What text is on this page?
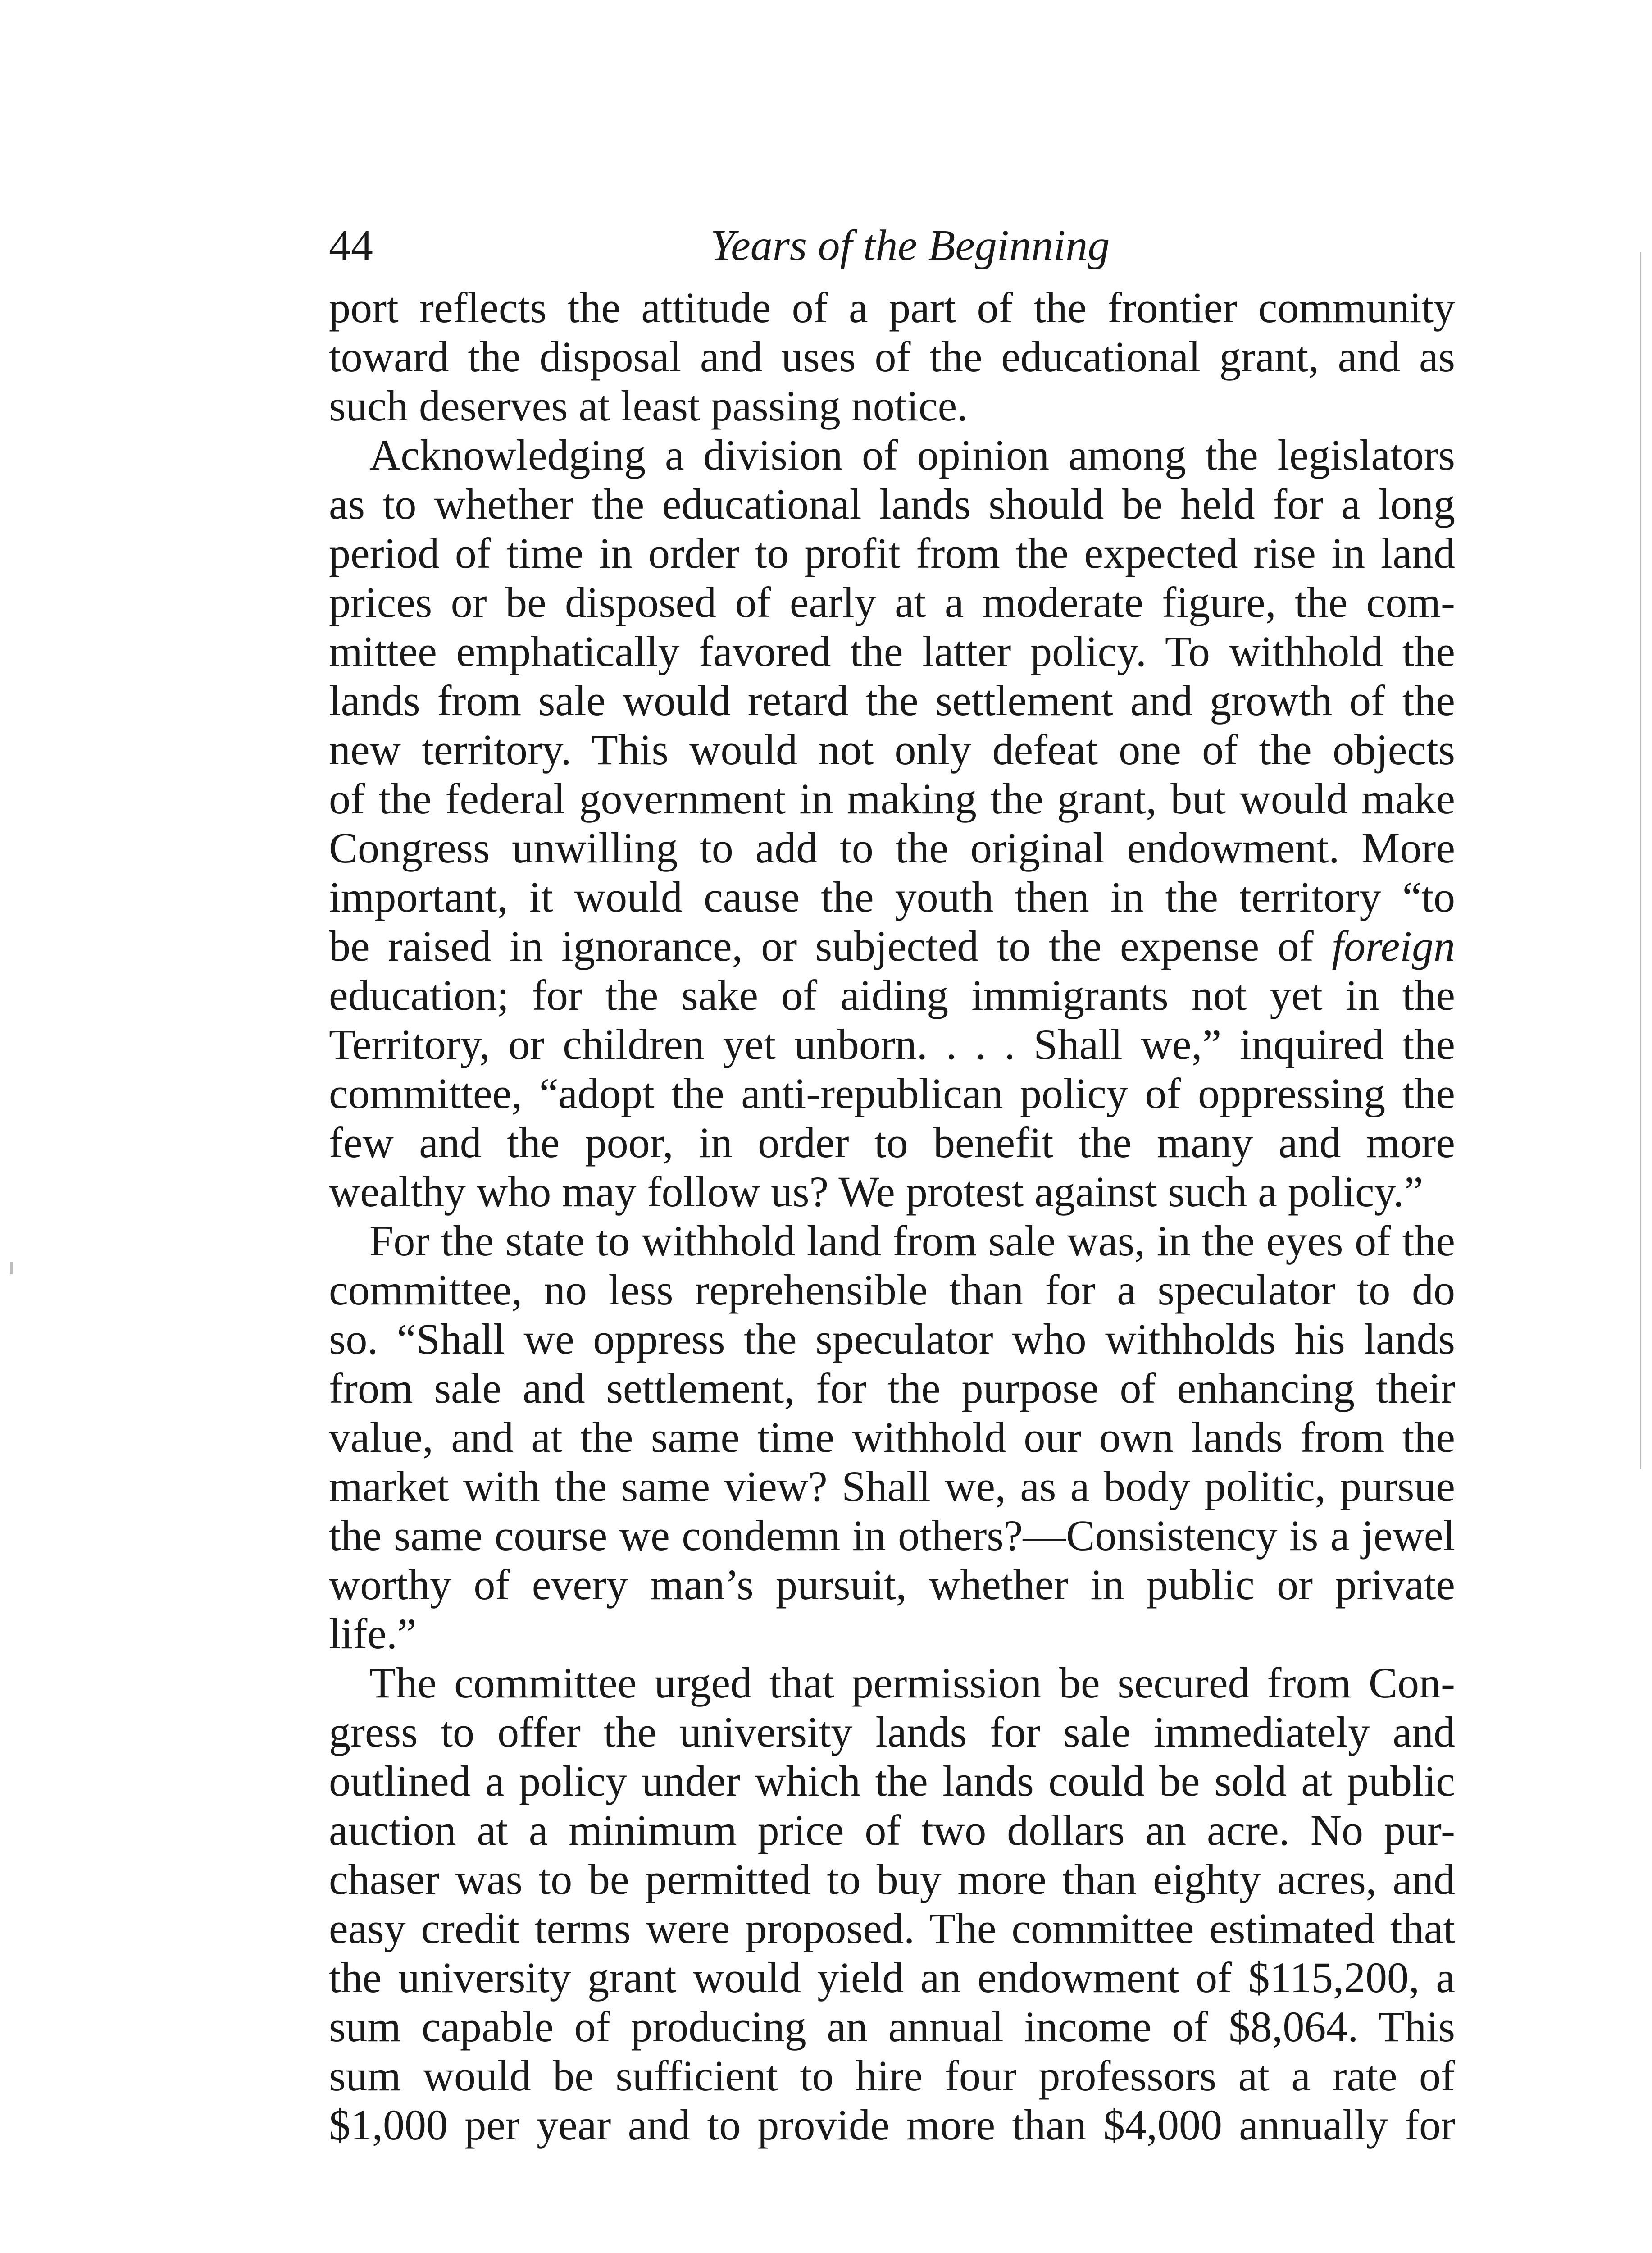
44	Years of the Beginning

port reflects the attitude of a part of the frontier community
toward the disposal and uses of the educational grant, and as
such deserves at least passing notice.

Acknowledging a division of opinion among the legislators
as to whether the educational lands should be held for a long
period of time in order to profit from the expected rise in land
prices or be disposed of early at a moderate figure, the com-
mittee emphatically favored the latter policy. To withhold the
lands from sale would retard the settlement and growth of the
new territory. This would not only defeat one of the objects
of the federal government in making the grant, but would make
Congress unwilling to add to the original endowment. More
important, it would cause the youth then in the territory “to
be raised in ignorance, or subjected to the expense of foreign
education; for the sake of aiding immigrants not yet in the
Territory, or children yet unborn. . . . Shall we,” inquired the
committee, “adopt the anti-republican policy of oppressing the
few and the poor, in order to benefit the many and more
wealthy who may follow us? We protest against such a policy.”

For the state to withhold land from sale was, in the eyes of the
committee, no less reprehensible than for a speculator to do
so. “Shall we oppress the speculator who withholds his lands
from sale and settlement, for the purpose of enhancing their
value, and at the same time withhold our own lands from the
market with the same view? Shall we, as a body politic, pursue
the same course we condemn in others?—Consistency is a jewel
worthy of every man’s pursuit, whether in public or private
life.”

The committee urged that permission be secured from Con-
gress to offer the university lands for sale immediately and
outlined a policy under which the lands could be sold at public
auction at a minimum price of two dollars an acre. No pur-
chaser was to be permitted to buy more than eighty acres, and
easy credit terms were proposed. The committee estimated that
the university grant would yield an endowment of $115,200, a
sum capable of producing an annual income of $8,064. This
sum would be sufficient to hire four professors at a rate of
$1,000 per year and to provide more than $4,000 annually for
